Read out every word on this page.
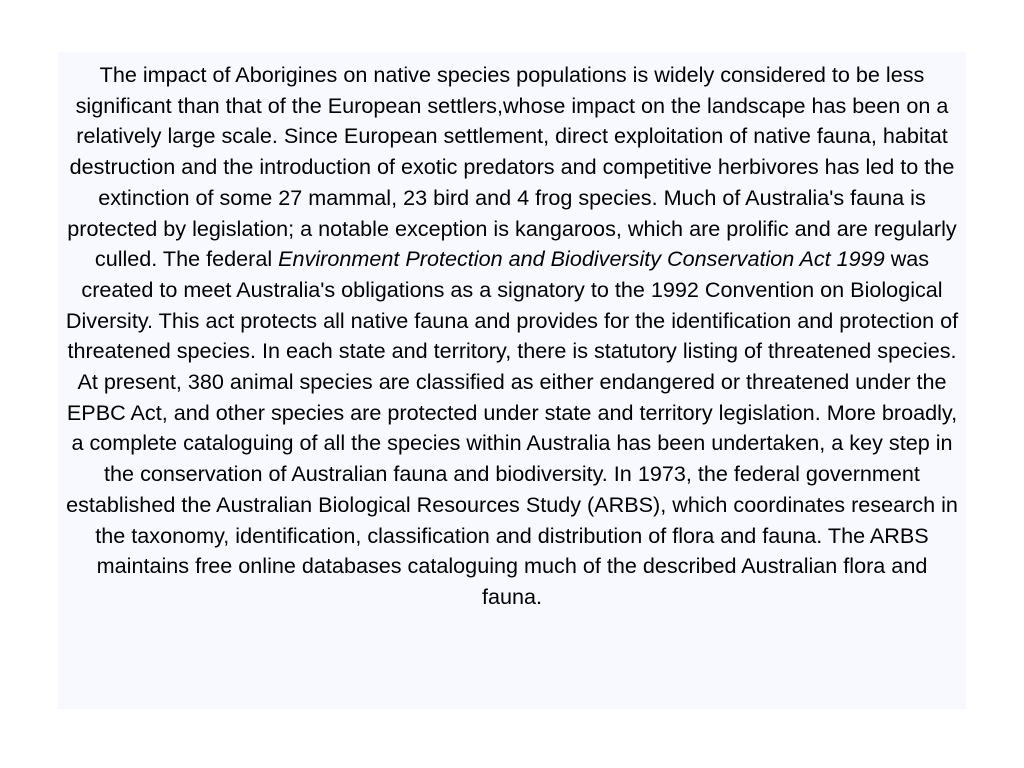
The impact of Aborigines on native species populations is widely considered to be less significant than that of the European settlers,whose impact on the landscape has been on a relatively large scale. Since European settlement, direct exploitation of native fauna, habitat destruction and the introduction of exotic predators and competitive herbivores has led to the extinction of some 27 mammal, 23 bird and 4 frog species. Much of Australia's fauna is protected by legislation; a notable exception is kangaroos, which are prolific and are regularly culled. The federal Environment Protection and Biodiversity Conservation Act 1999 was created to meet Australia's obligations as a signatory to the 1992 Convention on Biological Diversity. This act protects all native fauna and provides for the identification and protection of threatened species. In each state and territory, there is statutory listing of threatened species. At present, 380 animal species are classified as either endangered or threatened under the EPBC Act, and other species are protected under state and territory legislation. More broadly, a complete cataloguing of all the species within Australia has been undertaken, a key step in the conservation of Australian fauna and biodiversity. In 1973, the federal government established the Australian Biological Resources Study (ARBS), which coordinates research in the taxonomy, identification, classification and distribution of flora and fauna. The ARBS maintains free online databases cataloguing much of the described Australian flora and fauna.
